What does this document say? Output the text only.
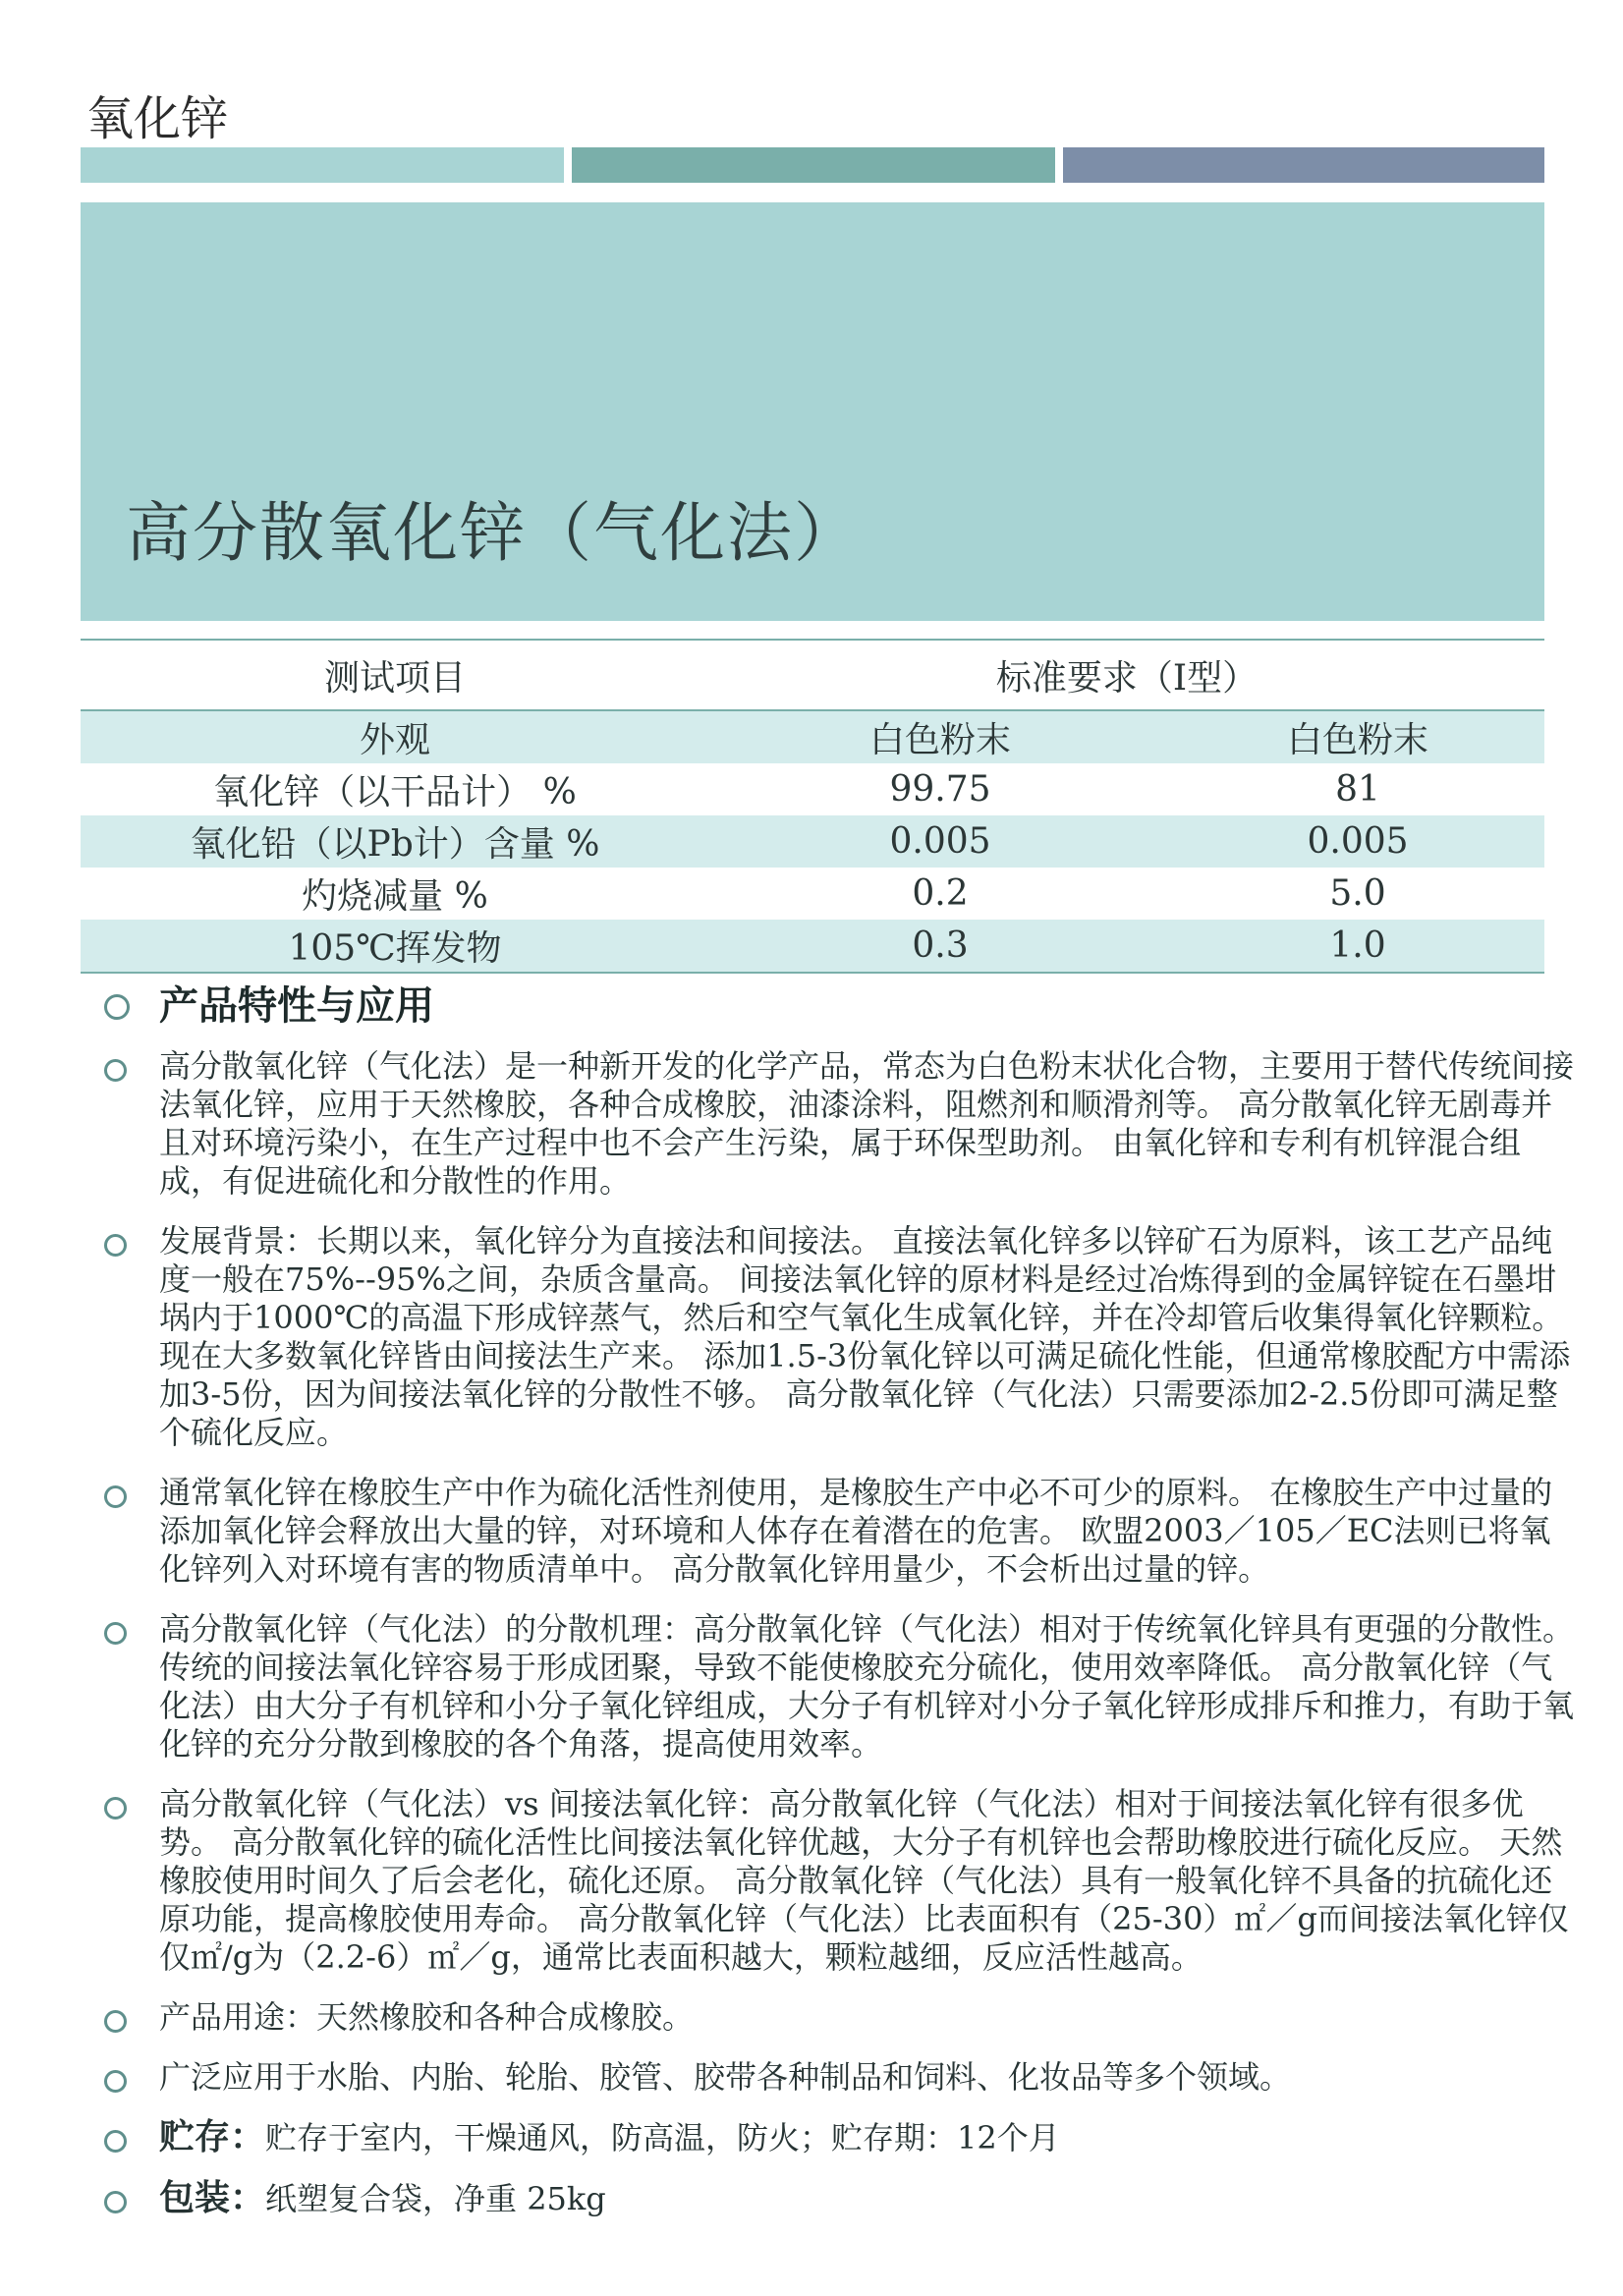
氧化锌
高分散氧化锌（气化法）
测试项目	标准要求（I型）
外观	白色粉末	白色粉末
氧化锌（以干品计） %	99.75	81
氧化铅（以Pb计）含量 %	0.005	0.005
灼烧减量 %	0.2	5.0
105℃挥发物	0.3	1.0
产品特性与应用
高分散氧化锌（气化法）是一种新开发的化学产品，常态为白色粉末状化合物，主要用于替代传统间接法氧化锌，应用于天然橡胶，各种合成橡胶，油漆涂料，阻燃剂和顺滑剂等。 高分散氧化锌无剧毒并且对环境污染小，在生产过程中也不会产生污染，属于环保型助剂。 由氧化锌和专利有机锌混合组成，有促进硫化和分散性的作用。
发展背景：长期以来，氧化锌分为直接法和间接法。 直接法氧化锌多以锌矿石为原料，该工艺产品纯度一般在75%--95%之间，杂质含量高。 间接法氧化锌的原材料是经过冶炼得到的金属锌锭在石墨坩埚内于1000℃的高温下形成锌蒸气，然后和空气氧化生成氧化锌，并在冷却管后收集得氧化锌颗粒。 现在大多数氧化锌皆由间接法生产来。 添加1.5-3份氧化锌以可满足硫化性能，但通常橡胶配方中需添加3-5份，因为间接法氧化锌的分散性不够。 高分散氧化锌（气化法）只需要添加2-2.5份即可满足整个硫化反应。
通常氧化锌在橡胶生产中作为硫化活性剂使用，是橡胶生产中必不可少的原料。 在橡胶生产中过量的添加氧化锌会释放出大量的锌，对环境和人体存在着潜在的危害。 欧盟2003／105／EC法则已将氧化锌列入对环境有害的物质清单中。 高分散氧化锌用量少，不会析出过量的锌。
高分散氧化锌（气化法）的分散机理：高分散氧化锌（气化法）相对于传统氧化锌具有更强的分散性。 传统的间接法氧化锌容易于形成团聚，导致不能使橡胶充分硫化，使用效率降低。 高分散氧化锌（气化法）由大分子有机锌和小分子氧化锌组成，大分子有机锌对小分子氧化锌形成排斥和推力，有助于氧化锌的充分分散到橡胶的各个角落，提高使用效率。
高分散氧化锌（气化法）vs 间接法氧化锌：高分散氧化锌（气化法）相对于间接法氧化锌有很多优势。 高分散氧化锌的硫化活性比间接法氧化锌优越，大分子有机锌也会帮助橡胶进行硫化反应。 天然橡胶使用时间久了后会老化，硫化还原。 高分散氧化锌（气化法）具有一般氧化锌不具备的抗硫化还原功能，提高橡胶使用寿命。 高分散氧化锌（气化法）比表面积有（25-30）㎡／g而间接法氧化锌仅仅㎡/g为（2.2-6）㎡／g，通常比表面积越大，颗粒越细，反应活性越高。
产品用途：天然橡胶和各种合成橡胶。
广泛应用于水胎、内胎、轮胎、胶管、胶带各种制品和饲料、化妆品等多个领域。
贮存：贮存于室内，干燥通风，防高温，防火；贮存期：12个月
包装：纸塑复合袋，净重 25kg
